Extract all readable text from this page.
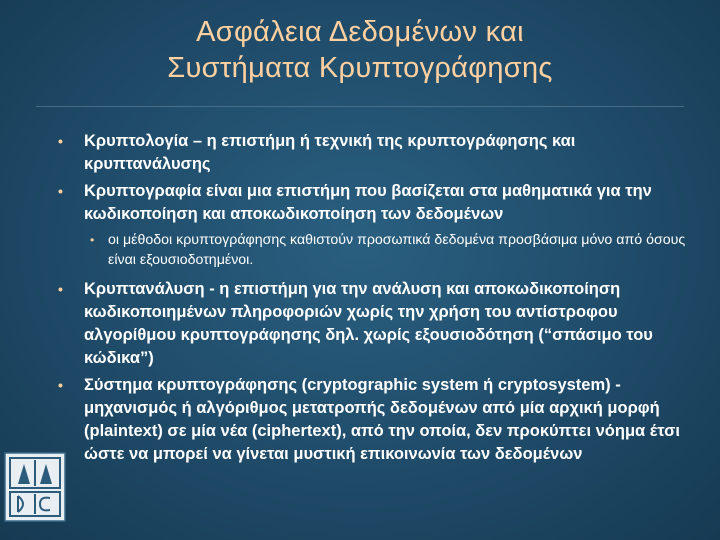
Ασφάλεια Δεδομένων και
Συστήματα Κρυπτογράφησης
• Κρυπτολογία – η επιστήμη ή τεχνική της κρυπτογράφησης και κρυπτανάλυσης
• Κρυπτογραφία είναι μια επιστήμη που βασίζεται στα μαθηματικά για την κωδικοποίηση και αποκωδικοποίηση των δεδομένων
• οι μέθοδοι κρυπτογράφησης καθιστούν προσωπικά δεδομένα προσβάσιμα μόνο από όσους είναι εξουσιοδοτημένοι.
• Κρυπτανάλυση - η επιστήμη για την ανάλυση και αποκωδικοποίηση κωδικοποιημένων πληροφοριών χωρίς την χρήση του αντίστροφου αλγορίθμου κρυπτογράφησης δηλ. χωρίς εξουσιοδότηση (“σπάσιμο του κώδικα”)
• Σύστημα κρυπτογράφησης (cryptographic system ή cryptosystem) - μηχανισμός ή αλγόριθμος μετατροπής δεδομένων από μία αρχική μορφή (plaintext) σε μία νέα (ciphertext), από την οποία, δεν προκύπτει νόημα έτσι ώστε να μπορεί να γίνεται μυστική επικοινωνία των δεδομένων
